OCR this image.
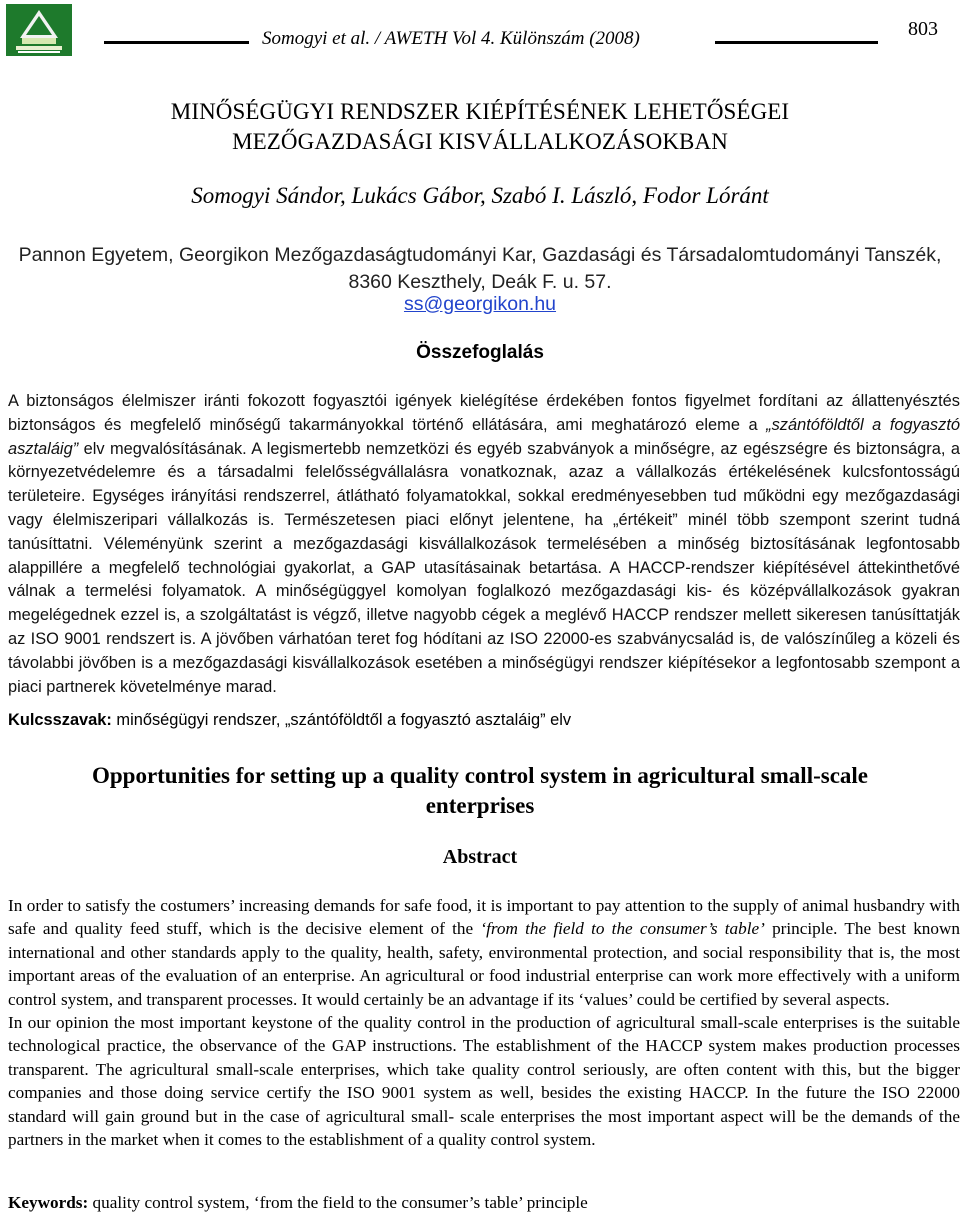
Somogyi et al. / AWETH Vol 4. Különszám (2008)	803
MINŐSÉGÜGYI RENDSZER KIÉPÍTÉSÉNEK LEHETŐSÉGEI
MEZŐGAZDASÁGI KISVÁLLALKOZÁSOKBAN
Somogyi Sándor, Lukács Gábor, Szabó I. László, Fodor Lóránt
Pannon Egyetem, Georgikon Mezőgazdaságtudományi Kar, Gazdasági és Társadalomtudományi Tanszék,
8360 Keszthely, Deák F. u. 57.
ss@georgikon.hu
Összefoglalás

A biztonságos élelmiszer iránti fokozott fogyasztói igények kielégítése érdekében fontos figyelmet fordítani az állattenyésztés biztonságos és megfelelő minőségű takarmányokkal történő ellátására, ami meghatározó eleme a „szántóföldtől a fogyasztó asztaláig” elv megvalósításának. A legismertebb nemzetközi és egyéb szabványok a minőségre, az egészségre és biztonságra, a környezetvédelemre és a társadalmi felelősségvállalásra vonatkoznak, azaz a vállalkozás értékelésének kulcsfontosságú területeire. Egységes irányítási rendszerrel, átlátható folyamatokkal, sokkal eredményesebben tud működni egy mezőgazdasági vagy élelmiszeripari vállalkozás is. Természetesen piaci előnyt jelentene, ha „értékeit” minél több szempont szerint tudná tanúsíttatni. Véleményünk szerint a mezőgazdasági kisvállalkozások termelésében a minőség biztosításának legfontosabb alappillére a megfelelő technológiai gyakorlat, a GAP utasításainak betartása. A HACCP-rendszer kiépítésével áttekinthetővé válnak a termelési folyamatok. A minőségüggyel komolyan foglalkozó mezőgazdasági kis- és középvállalkozások gyakran megelégednek ezzel is, a szolgáltatást is végző, illetve nagyobb cégek a meglévő HACCP rendszer mellett sikeresen tanúsíttatják az ISO 9001 rendszert is. A jövőben várhatóan teret fog hódítani az ISO 22000-es szabványcsalád is, de valószínűleg a közeli és távolabbi jövőben is a mezőgazdasági kisvállalkozások esetében a minőségügyi rendszer kiépítésekor a legfontosabb szempont a piaci partnerek követelménye marad.

Kulcsszavak: minőségügyi rendszer, „szántóföldtől a fogyasztó asztaláig” elv
Opportunities for setting up a quality control system in agricultural small-scale
enterprises
Abstract

In order to satisfy the costumers’ increasing demands for safe food, it is important to pay attention to the supply of animal husbandry with safe and quality feed stuff, which is the decisive element of the ‘from the field to the consumer’s table’ principle. The best known international and other standards apply to the quality, health, safety, environmental protection, and social responsibility that is, the most important areas of the evaluation of an enterprise. An agricultural or food industrial enterprise can work more effectively with a uniform control system, and transparent processes. It would certainly be an advantage if its ‘values’ could be certified by several aspects.

In our opinion the most important keystone of the quality control in the production of agricultural small-scale enterprises is the suitable technological practice, the observance of the GAP instructions. The establishment of the HACCP system makes production processes transparent. The agricultural small-scale enterprises, which take quality control seriously, are often content with this, but the bigger companies and those doing service certify the ISO 9001 system as well, besides the existing HACCP. In the future the ISO 22000 standard will gain ground but in the case of agricultural small- scale enterprises the most important aspect will be the demands of the partners in the market when it comes to the establishment of a quality control system.

Keywords: quality control system, ‘from the field to the consumer’s table’ principle
